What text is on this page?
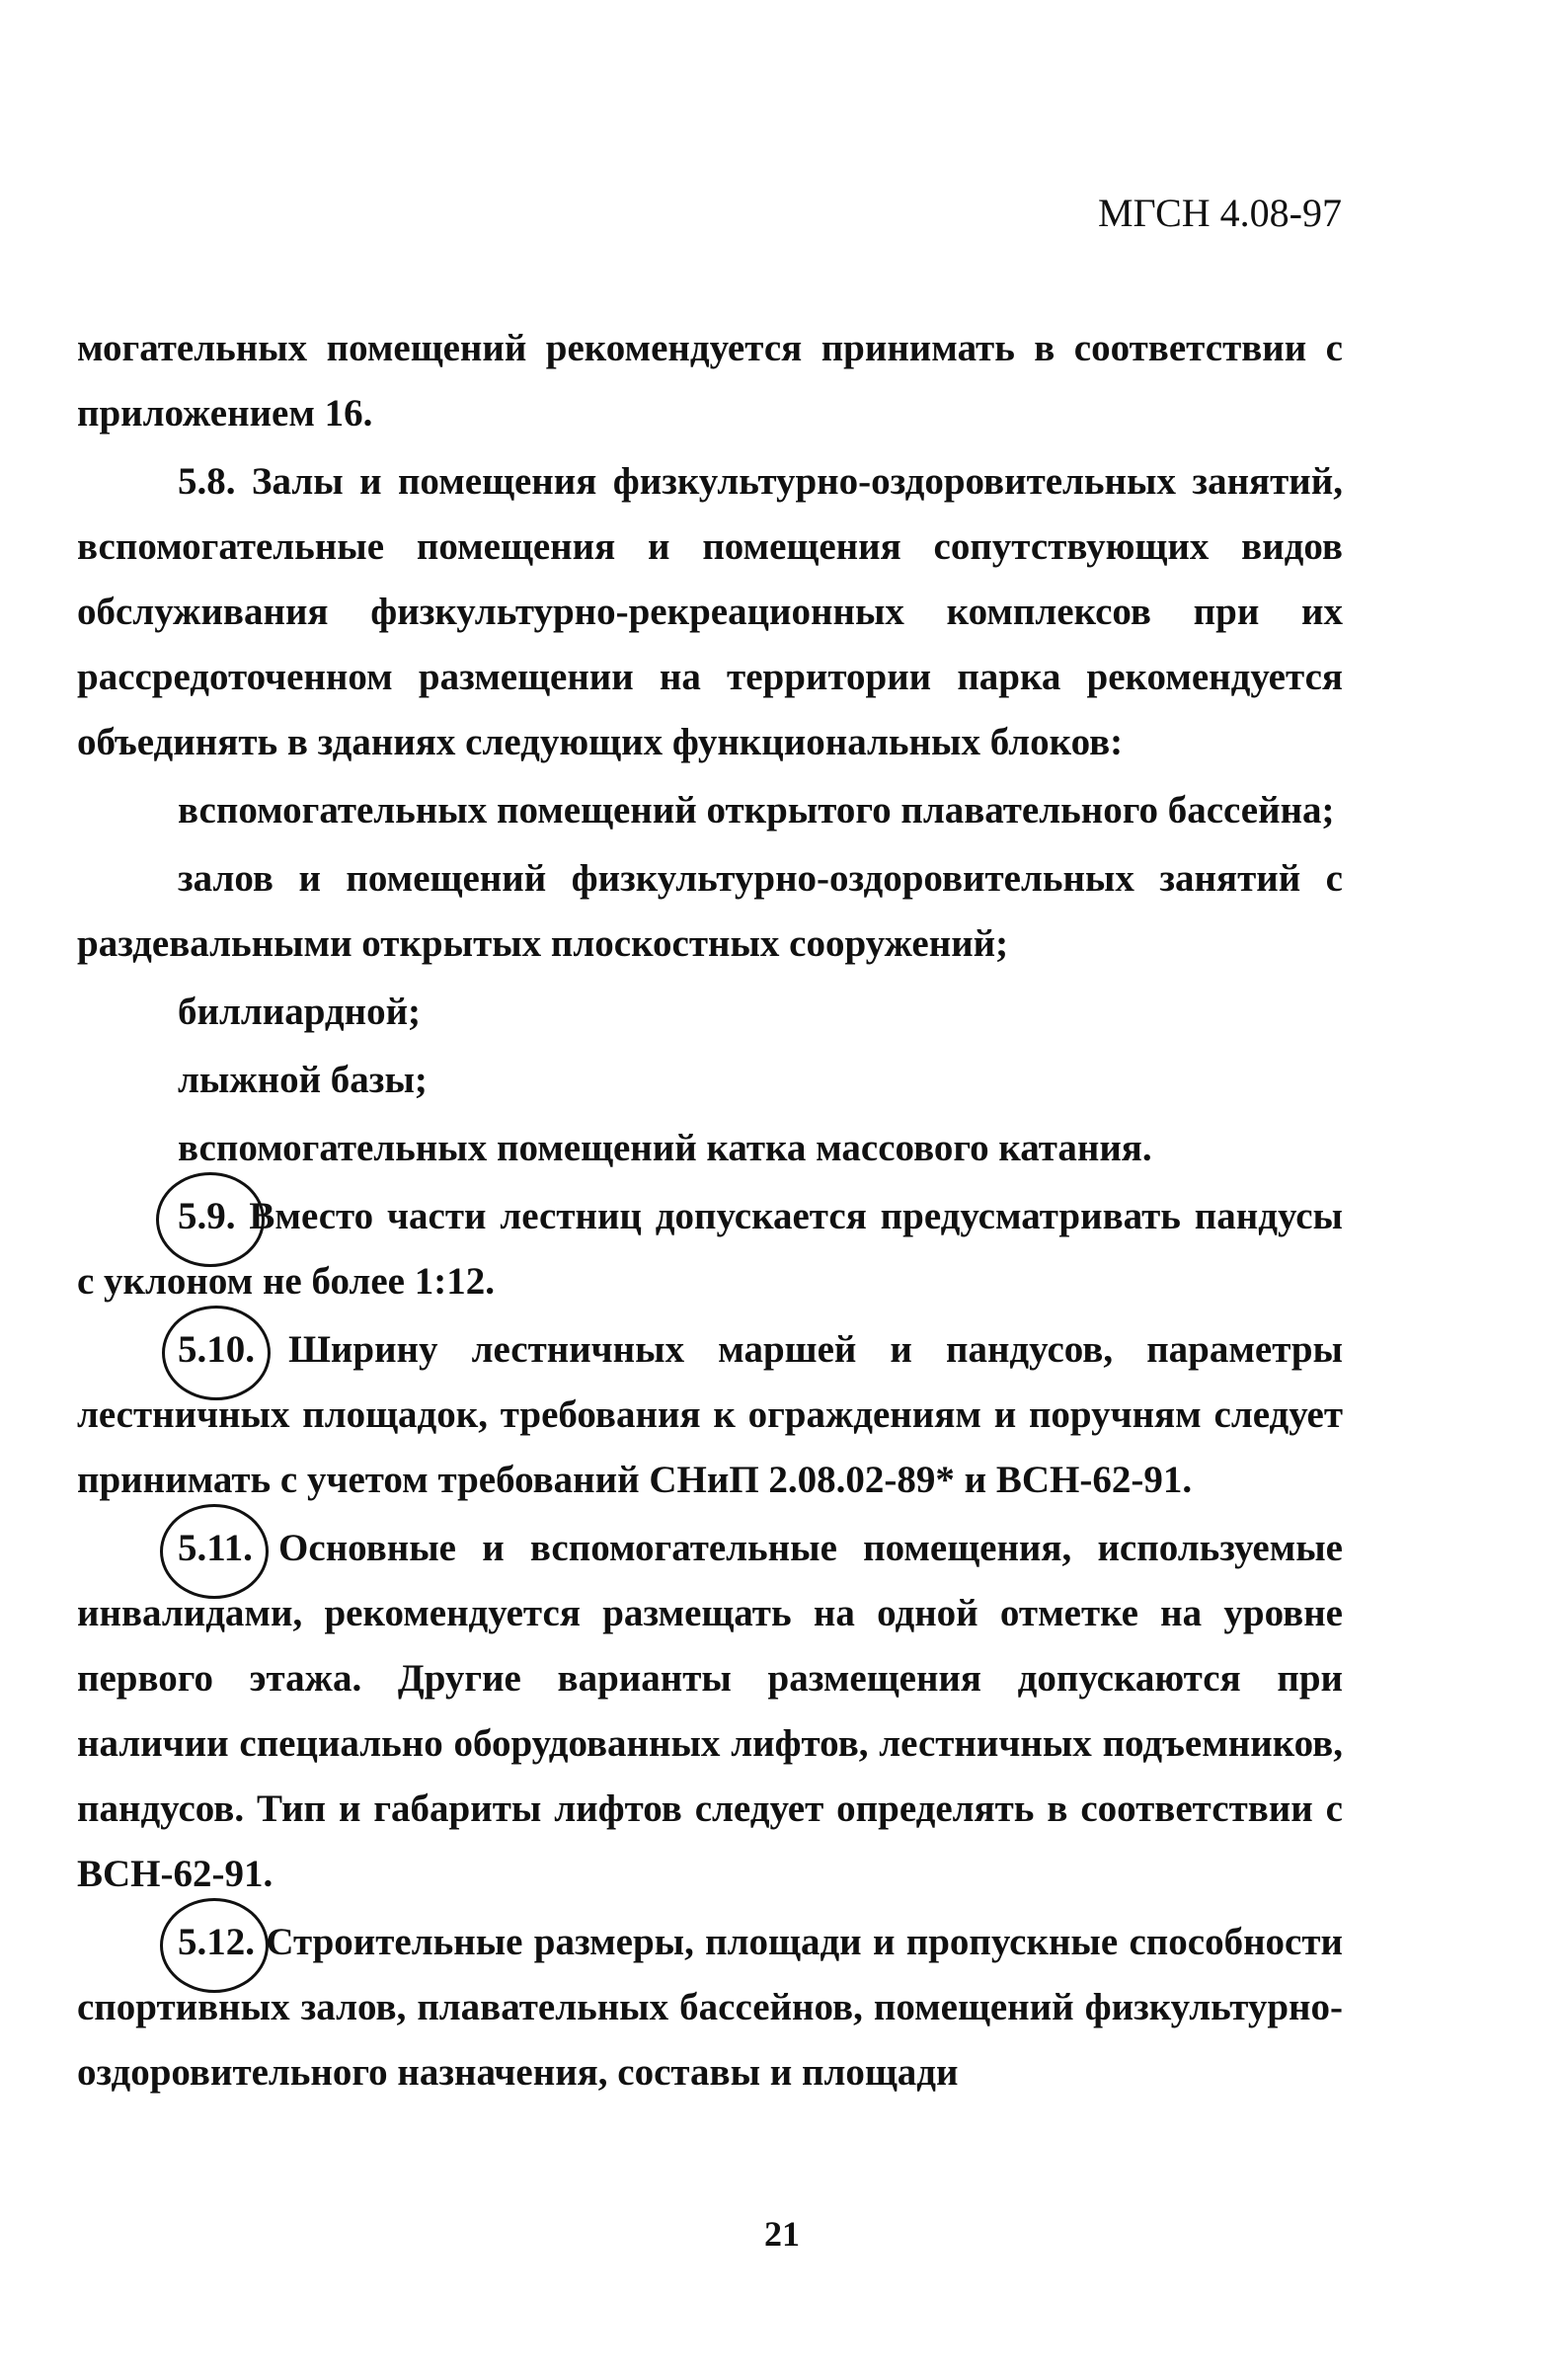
МГСН 4.08-97

могательных помещений рекомендуется принимать в соответствии с приложением 16.

5.8. Залы и помещения физкультурно-оздоровительных занятий, вспомогательные помещения и помещения сопутствующих видов обслуживания физкультурно-рекреационных комплексов при их рассредоточенном размещении на территории парка рекомендуется объединять в зданиях следующих функциональных блоков:

вспомогательных помещений открытого плавательного бассейна;

залов и помещений физкультурно-оздоровительных занятий с раздевальными открытых плоскостных сооружений;

биллиардной;

лыжной базы;

вспомогательных помещений катка массового катания.

5.9. Вместо части лестниц допускается предусматривать пандусы с уклоном не более 1:12.

5.10. Ширину лестничных маршей и пандусов, параметры лестничных площадок, требования к ограждениям и поручням следует принимать с учетом требований СНиП 2.08.02-89* и ВСН-62-91.

5.11. Основные и вспомогательные помещения, используемые инвалидами, рекомендуется размещать на одной отметке на уровне первого этажа. Другие варианты размещения допускаются при наличии специально оборудованных лифтов, лестничных подъемников, пандусов. Тип и габариты лифтов следует определять в соответствии с ВСН-62-91.

5.12. Строительные размеры, площади и пропускные способности спортивных залов, плавательных бассейнов, помещений физкультурно-оздоровительного назначения, составы и площади

21
